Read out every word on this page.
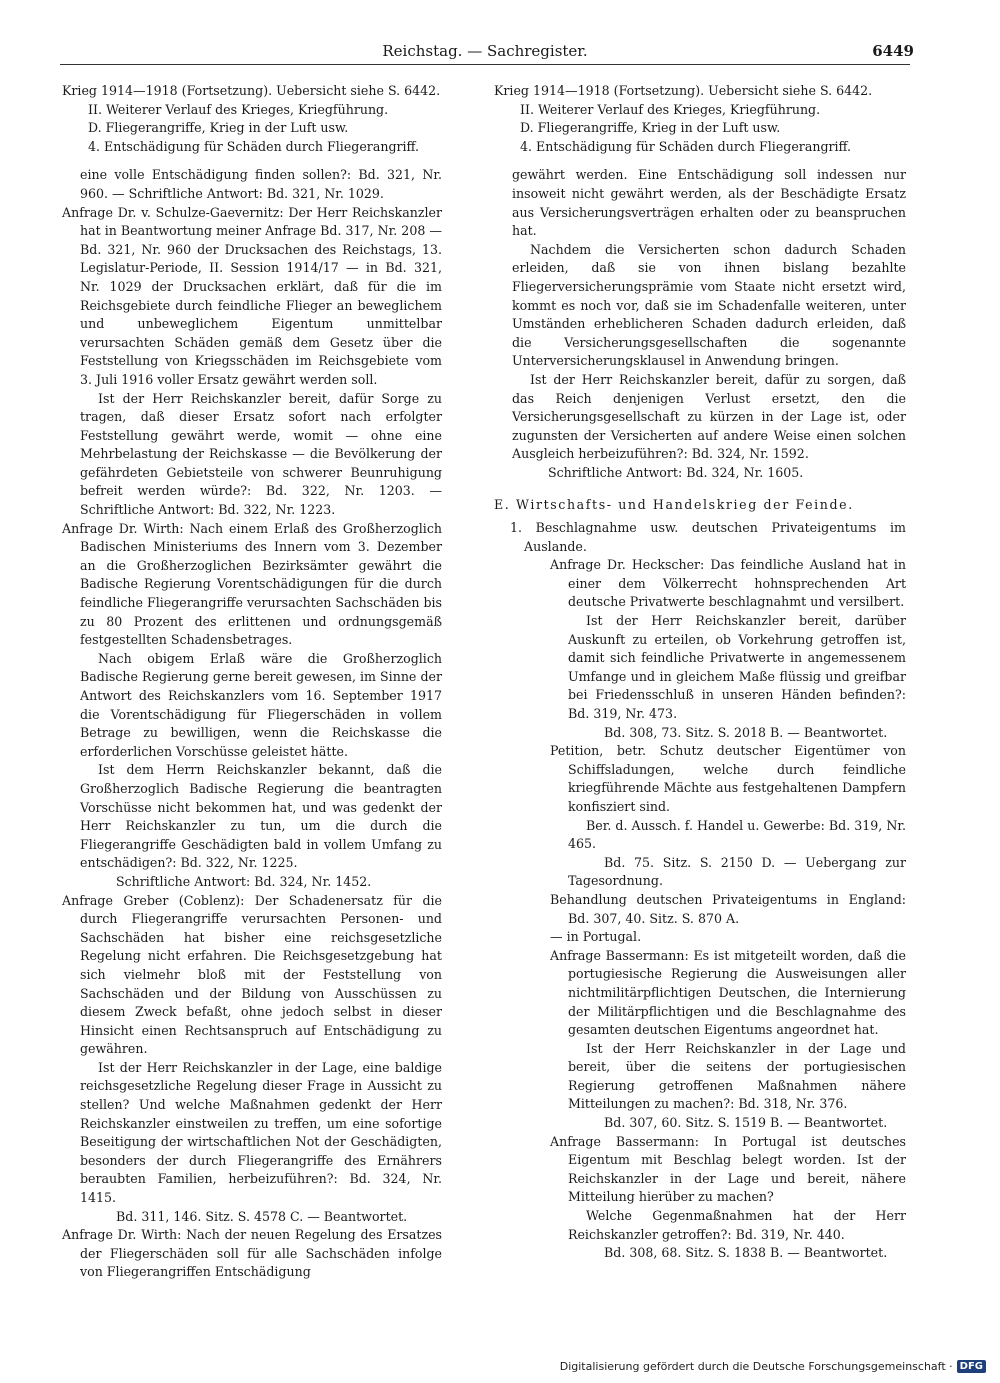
Reichstag. — Sachregister.	6449

Krieg 1914—1918 (Fortsetzung). Uebersicht siehe S. 6442.

II. Weiterer Verlauf des Krieges, Kriegführung.

D. Fliegerangriffe, Krieg in der Luft usw.

4. Entschädigung für Schäden durch Fliegerangriff.

eine volle Entschädigung finden sollen?: Bd. 321, Nr. 960. — Schriftliche Antwort: Bd. 321, Nr. 1029.

Anfrage Dr. v. Schulze-Gaevernitz: Der Herr Reichskanzler hat in Beantwortung meiner Anfrage Bd. 317, Nr. 208 — Bd. 321, Nr. 960 der Drucksachen des Reichstags, 13. Legislatur-Periode, II. Session 1914/17 — in Bd. 321, Nr. 1029 der Drucksachen erklärt, daß für die im Reichsgebiete durch feindliche Flieger an beweglichem und unbeweglichem Eigentum unmittelbar verursachten Schäden gemäß dem Gesetz über die Feststellung von Kriegsschäden im Reichsgebiete vom 3. Juli 1916 voller Ersatz gewährt werden soll.

Ist der Herr Reichskanzler bereit, dafür Sorge zu tragen, daß dieser Ersatz sofort nach erfolgter Feststellung gewährt werde, womit — ohne eine Mehrbelastung der Reichskasse — die Bevölkerung der gefährdeten Gebietsteile von schwerer Beunruhigung befreit werden würde?: Bd. 322, Nr. 1203. — Schriftliche Antwort: Bd. 322, Nr. 1223.

Anfrage Dr. Wirth: Nach einem Erlaß des Großherzoglich Badischen Ministeriums des Innern vom 3. Dezember an die Großherzoglichen Bezirksämter gewährt die Badische Regierung Vorentschädigungen für die durch feindliche Fliegerangriffe verursachten Sachschäden bis zu 80 Prozent des erlittenen und ordnungsgemäß festgestellten Schadensbetrages.

Nach obigem Erlaß wäre die Großherzoglich Badische Regierung gerne bereit gewesen, im Sinne der Antwort des Reichskanzlers vom 16. September 1917 die Vorentschädigung für Fliegerschäden in vollem Betrage zu bewilligen, wenn die Reichskasse die erforderlichen Vorschüsse geleistet hätte.

Ist dem Herrn Reichskanzler bekannt, daß die Großherzoglich Badische Regierung die beantragten Vorschüsse nicht bekommen hat, und was gedenkt der Herr Reichskanzler zu tun, um die durch die Fliegerangriffe Geschädigten bald in vollem Umfang zu entschädigen?: Bd. 322, Nr. 1225.

Schriftliche Antwort: Bd. 324, Nr. 1452.

Anfrage Greber (Coblenz): Der Schadenersatz für die durch Fliegerangriffe verursachten Personen- und Sachschäden hat bisher eine reichsgesetzliche Regelung nicht erfahren. Die Reichsgesetzgebung hat sich vielmehr bloß mit der Feststellung von Sachschäden und der Bildung von Ausschüssen zu diesem Zweck befaßt, ohne jedoch selbst in dieser Hinsicht einen Rechtsanspruch auf Entschädigung zu gewähren.

Ist der Herr Reichskanzler in der Lage, eine baldige reichsgesetzliche Regelung dieser Frage in Aussicht zu stellen? Und welche Maßnahmen gedenkt der Herr Reichskanzler einstweilen zu treffen, um eine sofortige Beseitigung der wirtschaftlichen Not der Geschädigten, besonders der durch Fliegerangriffe des Ernährers beraubten Familien, herbeizuführen?: Bd. 324, Nr. 1415.

Bd. 311, 146. Sitz. S. 4578 C. — Beantwortet.

Anfrage Dr. Wirth: Nach der neuen Regelung des Ersatzes der Fliegerschäden soll für alle Sachschäden infolge von Fliegerangriffen Entschädigung

Krieg 1914—1918 (Fortsetzung). Uebersicht siehe S. 6442.

II. Weiterer Verlauf des Krieges, Kriegführung.

D. Fliegerangriffe, Krieg in der Luft usw.

4. Entschädigung für Schäden durch Fliegerangriff.

gewährt werden. Eine Entschädigung soll indessen nur insoweit nicht gewährt werden, als der Beschädigte Ersatz aus Versicherungsverträgen erhalten oder zu beanspruchen hat.

Nachdem die Versicherten schon dadurch Schaden erleiden, daß sie von ihnen bislang bezahlte Fliegerversicherungsprämie vom Staate nicht ersetzt wird, kommt es noch vor, daß sie im Schadenfalle weiteren, unter Umständen erheblicheren Schaden dadurch erleiden, daß die Versicherungsgesellschaften die sogenannte Unterversicherungsklausel in Anwendung bringen.

Ist der Herr Reichskanzler bereit, dafür zu sorgen, daß das Reich denjenigen Verlust ersetzt, den die Versicherungsgesellschaft zu kürzen in der Lage ist, oder zugunsten der Versicherten auf andere Weise einen solchen Ausgleich herbeizuführen?: Bd. 324, Nr. 1592.

Schriftliche Antwort: Bd. 324, Nr. 1605.

E. Wirtschafts- und Handelskrieg der Feinde.

1. Beschlagnahme usw. deutschen Privateigentums im Auslande.

Anfrage Dr. Heckscher: Das feindliche Ausland hat in einer dem Völkerrecht hohnsprechenden Art deutsche Privatwerte beschlagnahmt und versilbert.

Ist der Herr Reichskanzler bereit, darüber Auskunft zu erteilen, ob Vorkehrung getroffen ist, damit sich feindliche Privatwerte in angemessenem Umfange und in gleichem Maße flüssig und greifbar bei Friedensschluß in unseren Händen befinden?: Bd. 319, Nr. 473.

Bd. 308, 73. Sitz. S. 2018 B. — Beantwortet.

Petition, betr. Schutz deutscher Eigentümer von Schiffsladungen, welche durch feindliche kriegführende Mächte aus festgehaltenen Dampfern konfisziert sind.

Ber. d. Aussch. f. Handel u. Gewerbe: Bd. 319, Nr. 465.

Bd. 75. Sitz. S. 2150 D. — Uebergang zur Tagesordnung.

Behandlung deutschen Privateigentums in England: Bd. 307, 40. Sitz. S. 870 A.

— in Portugal.

Anfrage Bassermann: Es ist mitgeteilt worden, daß die portugiesische Regierung die Ausweisungen aller nichtmilitärpflichtigen Deutschen, die Internierung der Militärpflichtigen und die Beschlagnahme des gesamten deutschen Eigentums angeordnet hat.

Ist der Herr Reichskanzler in der Lage und bereit, über die seitens der portugiesischen Regierung getroffenen Maßnahmen nähere Mitteilungen zu machen?: Bd. 318, Nr. 376.

Bd. 307, 60. Sitz. S. 1519 B. — Beantwortet.

Anfrage Bassermann: In Portugal ist deutsches Eigentum mit Beschlag belegt worden. Ist der Reichskanzler in der Lage und bereit, nähere Mitteilung hierüber zu machen?

Welche Gegenmaßnahmen hat der Herr Reichskanzler getroffen?: Bd. 319, Nr. 440.

Bd. 308, 68. Sitz. S. 1838 B. — Beantwortet.

Digitalisierung gefördert durch die Deutsche Forschungsgemeinschaft · DFG
